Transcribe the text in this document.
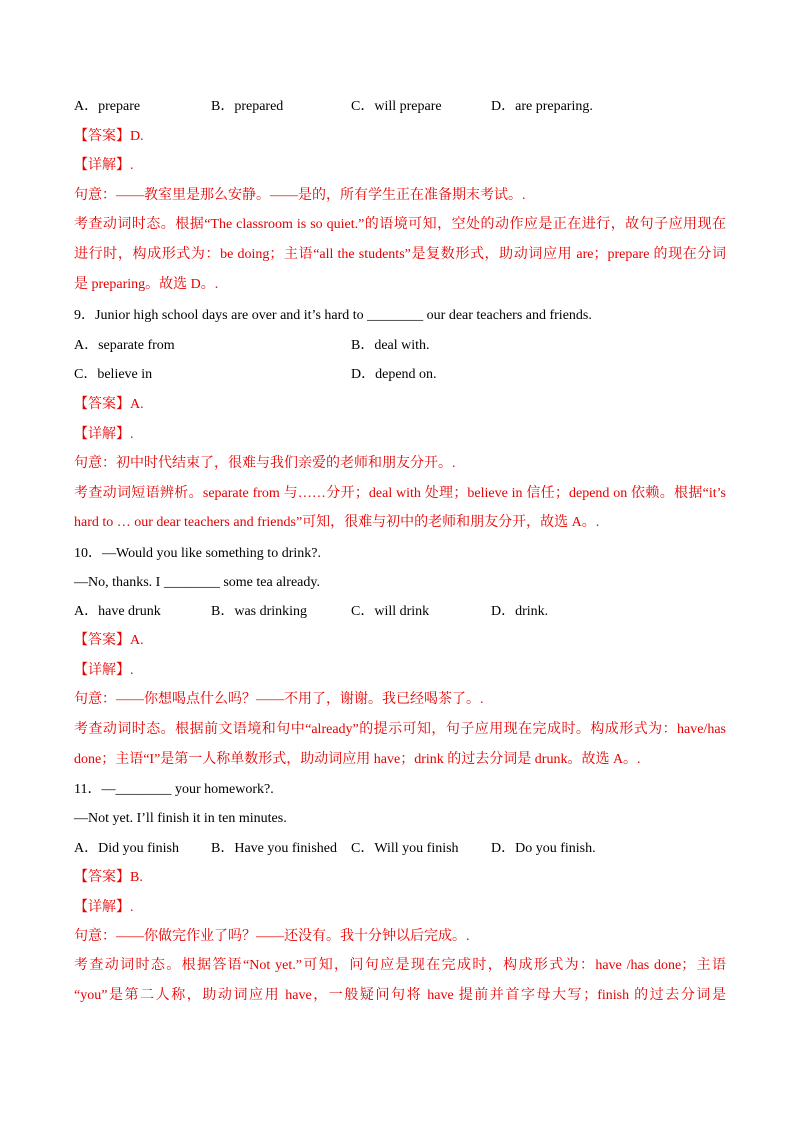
A．prepare	B．prepared	C．will prepare	D．are preparing.
【答案】D.
【详解】.
句意：——教室里是那么安静。——是的，所有学生正在准备期末考试。.
考查动词时态。根据“The classroom is so quiet.”的语境可知，空处的动作应是正在进行，故句子应用现在
进行时，构成形式为：be doing；主语“all the students”是复数形式，助动词应用 are；prepare 的现在分词
是 preparing。故选 D。.
9．Junior high school days are over and it’s hard to ________ our dear teachers and friends.
A．separate from	B．deal with.
C．believe in	D．depend on.
【答案】A.
【详解】.
句意：初中时代结束了，很难与我们亲爱的老师和朋友分开。.
考查动词短语辨析。separate from 与……分开；deal with 处理；believe in 信任；depend on 依赖。根据“it’s
hard to … our dear teachers and friends”可知，很难与初中的老师和朋友分开，故选 A。.
10．—Would you like something to drink?.
—No, thanks. I ________ some tea already.
A．have drunk	B．was drinking	C．will drink	D．drink.
【答案】A.
【详解】.
句意：——你想喝点什么吗？——不用了，谢谢。我已经喝茶了。.
考查动词时态。根据前文语境和句中“already”的提示可知，句子应用现在完成时。构成形式为：have/has
done；主语“I”是第一人称单数形式，助动词应用 have；drink 的过去分词是 drunk。故选 A。.
11．—________ your homework?.
—Not yet. I’ll finish it in ten minutes.
A．Did you finish B．Have you finished C．Will you finish D．Do you finish.
【答案】B.
【详解】.
句意：——你做完作业了吗？——还没有。我十分钟以后完成。.
考查动词时态。根据答语“Not yet.”可知，问句应是现在完成时，构成形式为：have /has done；主语
“you”是第二人称，助动词应用 have，一般疑问句将 have 提前并首字母大写；finish 的过去分词是
